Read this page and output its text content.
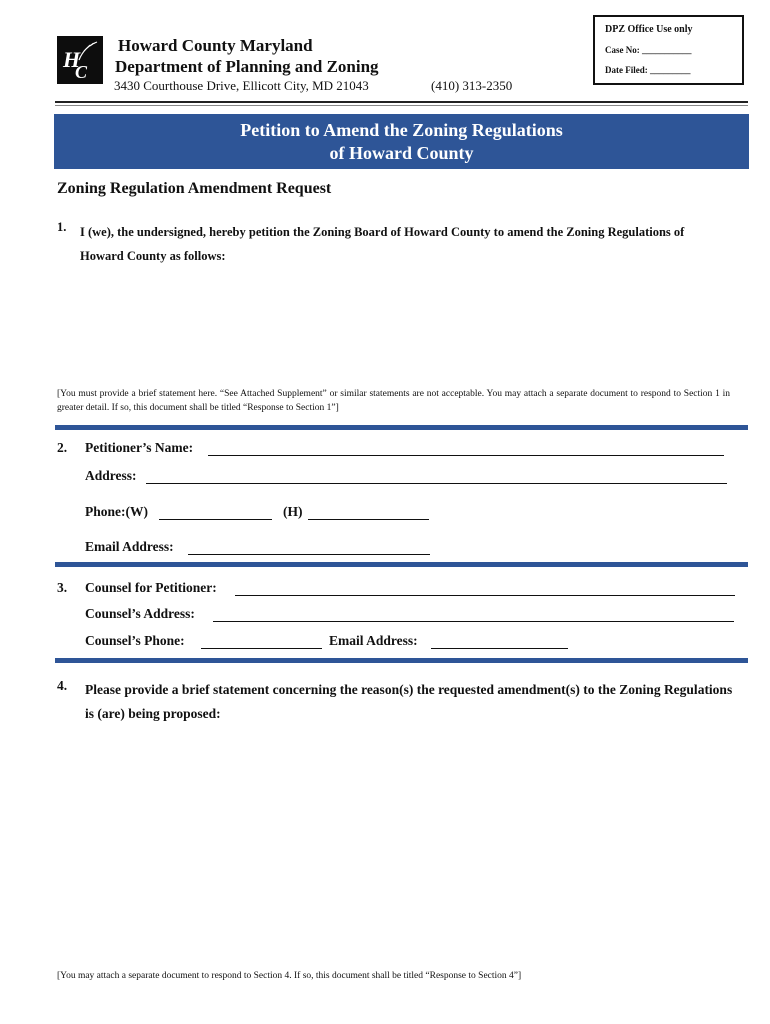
H
C
Howard County Maryland
Department of Planning and Zoning
3430 Courthouse Drive, Ellicott City, MD 21043	(410) 313-2350
DPZ Office Use only
Case No: ___________
Date Filed: _________
Petition to Amend the Zoning Regulations
of Howard County
Zoning Regulation Amendment Request
1. I (we), the undersigned, hereby petition the Zoning Board of Howard County to amend the Zoning Regulations of Howard County as follows:
[You must provide a brief statement here. “See Attached Supplement” or similar statements are not acceptable. You may attach a separate document to respond to Section 1 in greater detail. If so, this document shall be titled “Response to Section 1”]
2. Petitioner’s Name:
Address:
Phone:(W)	(H)
Email Address:
3. Counsel for Petitioner:
Counsel’s Address:
Counsel’s Phone:	Email Address:
4. Please provide a brief statement concerning the reason(s) the requested amendment(s) to the Zoning Regulations is (are) being proposed:
[You may attach a separate document to respond to Section 4. If so, this document shall be titled “Response to Section 4”]
